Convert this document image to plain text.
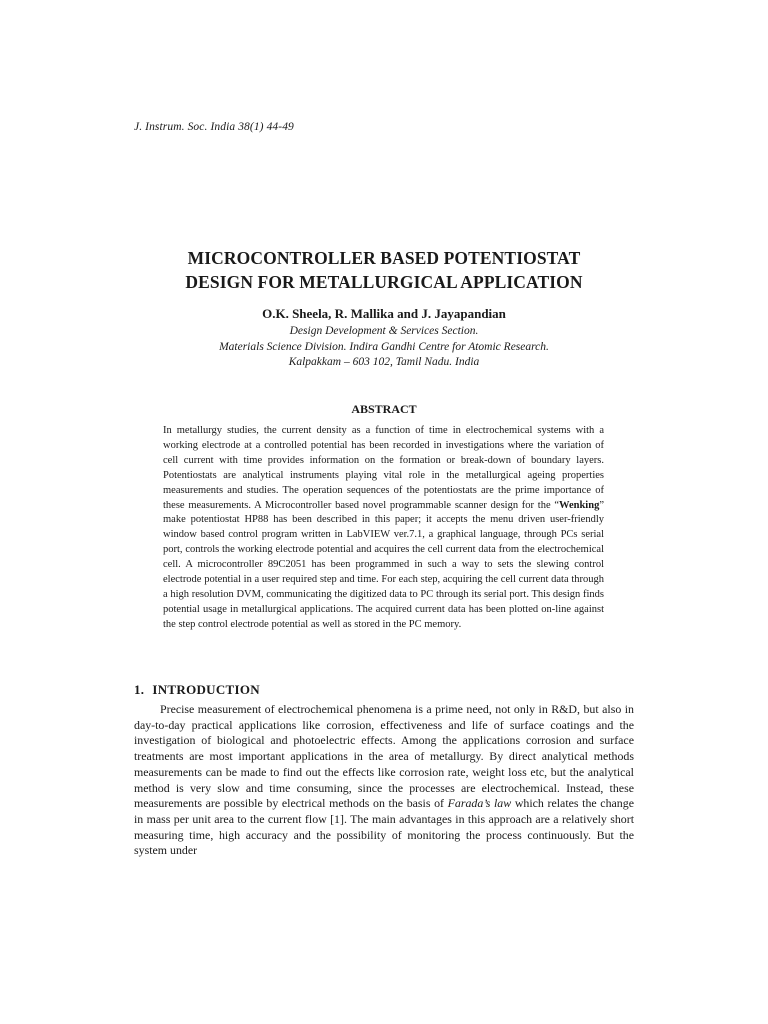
J. Instrum. Soc. India 38(1) 44-49
MICROCONTROLLER BASED POTENTIOSTAT
DESIGN FOR METALLURGICAL APPLICATION
O.K. Sheela, R. Mallika and J. Jayapandian
Design Development & Services Section.
Materials Science Division. Indira Gandhi Centre for Atomic Research.
Kalpakkam – 603 102, Tamil Nadu. India
ABSTRACT
In metallurgy studies, the current density as a function of time in electrochemical systems with a working electrode at a controlled potential has been recorded in investigations where the variation of cell current with time provides information on the formation or break-down of boundary layers. Potentiostats are analytical instruments playing vital role in the metallurgical ageing properties measurements and studies. The operation sequences of the potentiostats are the prime importance of these measurements. A Microcontroller based novel programmable scanner design for the “Wenking” make potentiostat HP88 has been described in this paper; it accepts the menu driven user-friendly window based control program written in LabVIEW ver.7.1, a graphical language, through PCs serial port, controls the working electrode potential and acquires the cell current data from the electrochemical cell. A microcontroller 89C2051 has been programmed in such a way to sets the slewing control electrode potential in a user required step and time. For each step, acquiring the cell current data through a high resolution DVM, communicating the digitized data to PC through its serial port. This design finds potential usage in metallurgical applications. The acquired current data has been plotted on-line against the step control electrode potential as well as stored in the PC memory.
1. INTRODUCTION
Precise measurement of electrochemical phenomena is a prime need, not only in R&D, but also in day-to-day practical applications like corrosion, effectiveness and life of surface coatings and the investigation of biological and photoelectric effects. Among the applications corrosion and surface treatments are most important applications in the area of metallurgy. By direct analytical methods measurements can be made to find out the effects like corrosion rate, weight loss etc, but the analytical method is very slow and time consuming, since the processes are electrochemical. Instead, these measurements are possible by electrical methods on the basis of Farada’s law which relates the change in mass per unit area to the current flow [1]. The main advantages in this approach are a relatively short measuring time, high accuracy and the possibility of monitoring the process continuously. But the system under
